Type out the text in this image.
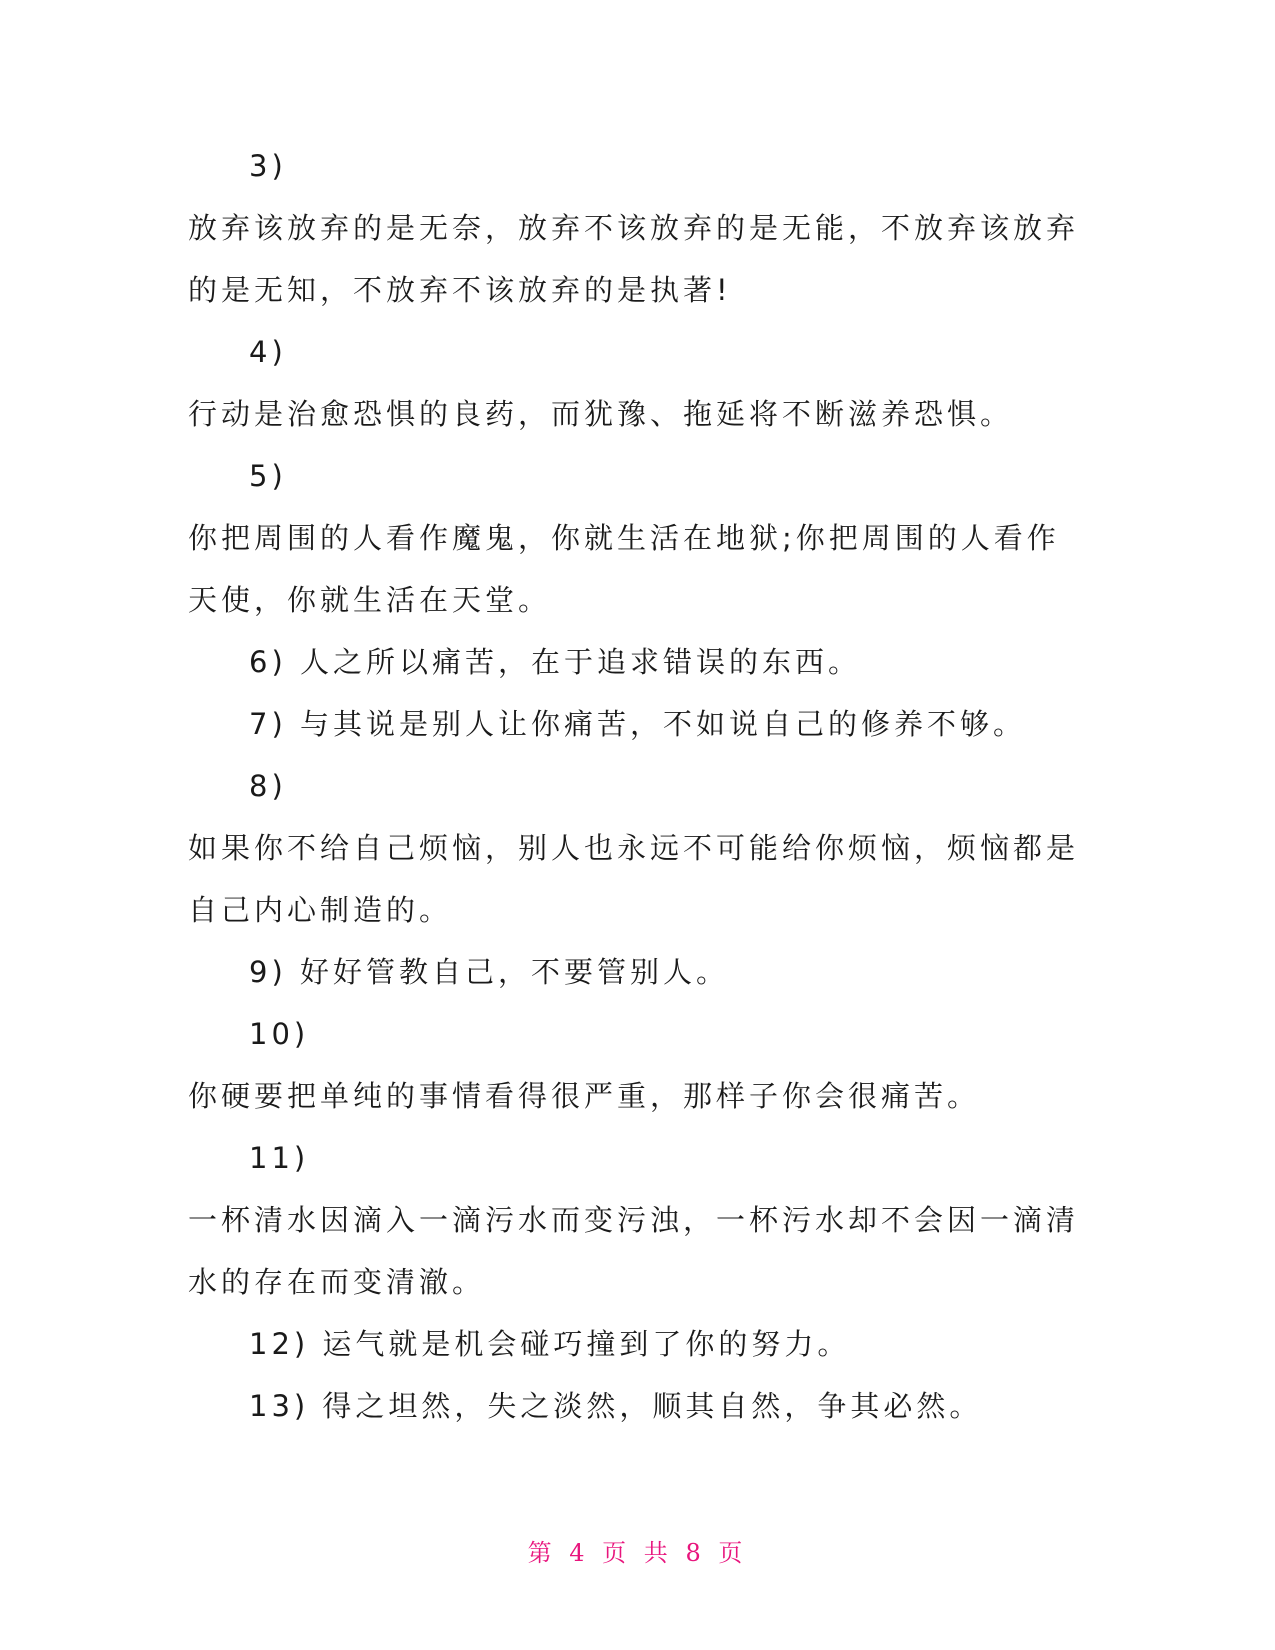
3)
放弃该放弃的是无奈，放弃不该放弃的是无能，不放弃该放弃
的是无知，不放弃不该放弃的是执著!
4)
行动是治愈恐惧的良药，而犹豫、拖延将不断滋养恐惧。
5)
你把周围的人看作魔鬼，你就生活在地狱;你把周围的人看作
天使，你就生活在天堂。
6) 人之所以痛苦，在于追求错误的东西。
7) 与其说是别人让你痛苦，不如说自己的修养不够。
8)
如果你不给自己烦恼，别人也永远不可能给你烦恼，烦恼都是
自己内心制造的。
9) 好好管教自己，不要管别人。
10)
你硬要把单纯的事情看得很严重，那样子你会很痛苦。
11)
一杯清水因滴入一滴污水而变污浊，一杯污水却不会因一滴清
水的存在而变清澈。
12) 运气就是机会碰巧撞到了你的努力。
13) 得之坦然，失之淡然，顺其自然，争其必然。
第 4 页 共 8 页
